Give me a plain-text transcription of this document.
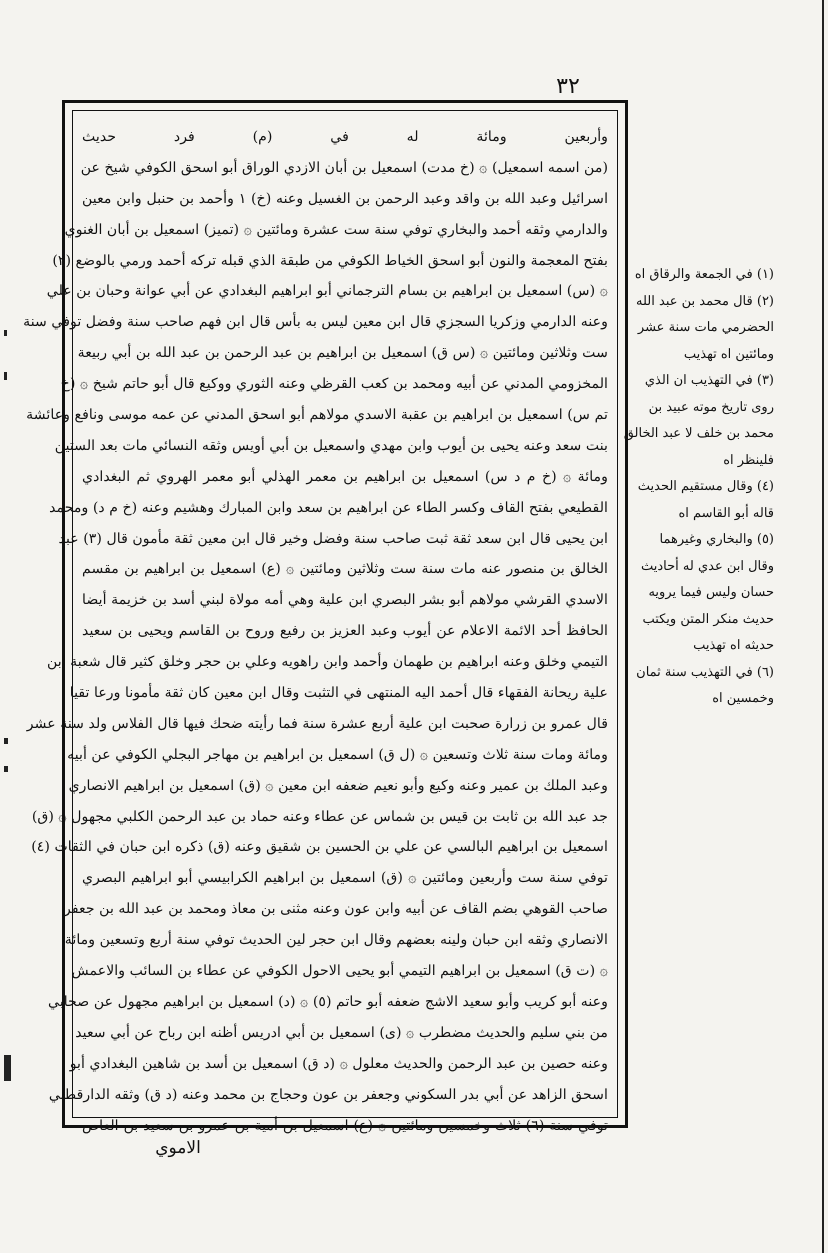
٣٢
وأربعين ومائة له في (م) فرد حديث
(من اسمه اسمعيل) ۞ (خ مدت) اسمعيل بن أبان الازدي الوراق أبو اسحق الكوفي شيخ عن
اسرائيل وعبد الله بن واقد وعبد الرحمن بن الغسيل وعنه (خ) ١ وأحمد بن حنبل وابن معين
والدارمي وثقه أحمد والبخاري توفي سنة ست عشرة ومائتين ۞ (تميز) اسمعيل بن أبان الغنوي
بفتح المعجمة والنون أبو اسحق الخياط الكوفي من طبقة الذي قبله تركه أحمد ورمي بالوضع (٢)
۞ (س) اسمعيل بن ابراهيم بن بسام الترجماني أبو ابراهيم البغدادي عن أبي عوانة وحبان بن علي
وعنه الدارمي وزكريا السجزي قال ابن معين ليس به بأس قال ابن فهم صاحب سنة وفضل توفي سنة
ست وثلاثين ومائتين ۞ (س ق) اسمعيل بن ابراهيم بن عبد الرحمن بن عبد الله بن أبي ربيعة
المخزومي المدني عن أبيه ومحمد بن كعب القرظي وعنه الثوري ووكيع قال أبو حاتم شيخ ۞ (خ
تم س) اسمعيل بن ابراهيم بن عقبة الاسدي مولاهم أبو اسحق المدني عن عمه موسى ونافع وعائشة
بنت سعد وعنه يحيى بن أيوب وابن مهدي واسمعيل بن أبي أويس وثقه النسائي مات بعد الستين
ومائة ۞ (خ م د س) اسمعيل بن ابراهيم بن معمر الهذلي أبو معمر الهروي ثم البغدادي
القطيعي بفتح القاف وكسر الطاء عن ابراهيم بن سعد وابن المبارك وهشيم وعنه (خ م د) ومحمد
ابن يحيى قال ابن سعد ثقة ثبت صاحب سنة وفضل وخير قال ابن معين ثقة مأمون قال (٣) عبد
الخالق بن منصور عنه مات سنة ست وثلاثين ومائتين ۞ (ع) اسمعيل بن ابراهيم بن مقسم
الاسدي القرشي مولاهم أبو بشر البصري ابن علية وهي أمه مولاة لبني أسد بن خزيمة أيضا
الحافظ أحد الائمة الاعلام عن أيوب وعبد العزيز بن رفيع وروح بن القاسم ويحيى بن سعيد
التيمي وخلق وعنه ابراهيم بن طهمان وأحمد وابن راهويه وعلي بن حجر وخلق كثير قال شعبة ابن
علية ريحانة الفقهاء قال أحمد اليه المنتهى في التثبت وقال ابن معين كان ثقة مأمونا ورعا تقيا
قال عمرو بن زرارة صحبت ابن علية أربع عشرة سنة فما رأيته ضحك فيها قال الفلاس ولد سنة عشر
ومائة ومات سنة ثلاث وتسعين ۞ (ل ق) اسمعيل بن ابراهيم بن مهاجر البجلي الكوفي عن أبيه
وعبد الملك بن عمير وعنه وكيع وأبو نعيم ضعفه ابن معين ۞ (ق) اسمعيل بن ابراهيم الانصاري
جد عبد الله بن ثابت بن قيس بن شماس عن عطاء وعنه حماد بن عبد الرحمن الكلبي مجهول ۞ (ق)
اسمعيل بن ابراهيم البالسي عن علي بن الحسين بن شقيق وعنه (ق) ذكره ابن حبان في الثقات (٤)
توفي سنة ست وأربعين ومائتين ۞ (ق) اسمعيل بن ابراهيم الكرابيسي أبو ابراهيم البصري
صاحب القوهي بضم القاف عن أبيه وابن عون وعنه مثنى بن معاذ ومحمد بن عبد الله بن جعفر
الانصاري وثقه ابن حبان ولينه بعضهم وقال ابن حجر لين الحديث توفي سنة أربع وتسعين ومائة
۞ (ت ق) اسمعيل بن ابراهيم التيمي أبو يحيى الاحول الكوفي عن عطاء بن السائب والاعمش
وعنه أبو كريب وأبو سعيد الاشج ضعفه أبو حاتم (٥) ۞ (د) اسمعيل بن ابراهيم مجهول عن صحابي
من بني سليم والحديث مضطرب ۞ (ى) اسمعيل بن أبي ادريس أظنه ابن رباح عن أبي سعيد
وعنه حصين بن عبد الرحمن والحديث معلول ۞ (د ق) اسمعيل بن أسد بن شاهين البغدادي أبو
اسحق الزاهد عن أبي بدر السكوني وجعفر بن عون وحجاج بن محمد وعنه (د ق) وثقه الدارقطني
توفي سنة (٦) ثلاث وخمسين ومائتين ۞ (ع) اسمعيل بن أمية بن عمرو بن سعيد بن العاص
(١) في الجمعة والرقاق اه
(٢) قال محمد بن عبد الله
الحضرمي مات سنة عشر
ومائتين اه تهذيب
(٣) في التهذيب ان الذي
روى تاريخ موته عبيد بن
محمد بن خلف لا عبد الخالق
فلينظر اه
(٤) وقال مستقيم الحديث
قاله أبو القاسم اه
(٥) والبخاري وغيرهما
وقال ابن عدي له أحاديث
حسان وليس فيما يرويه
حديث منكر المتن ويكتب
حديثه اه تهذيب
(٦) في التهذيب سنة ثمان
وخمسين اه
الاموي
